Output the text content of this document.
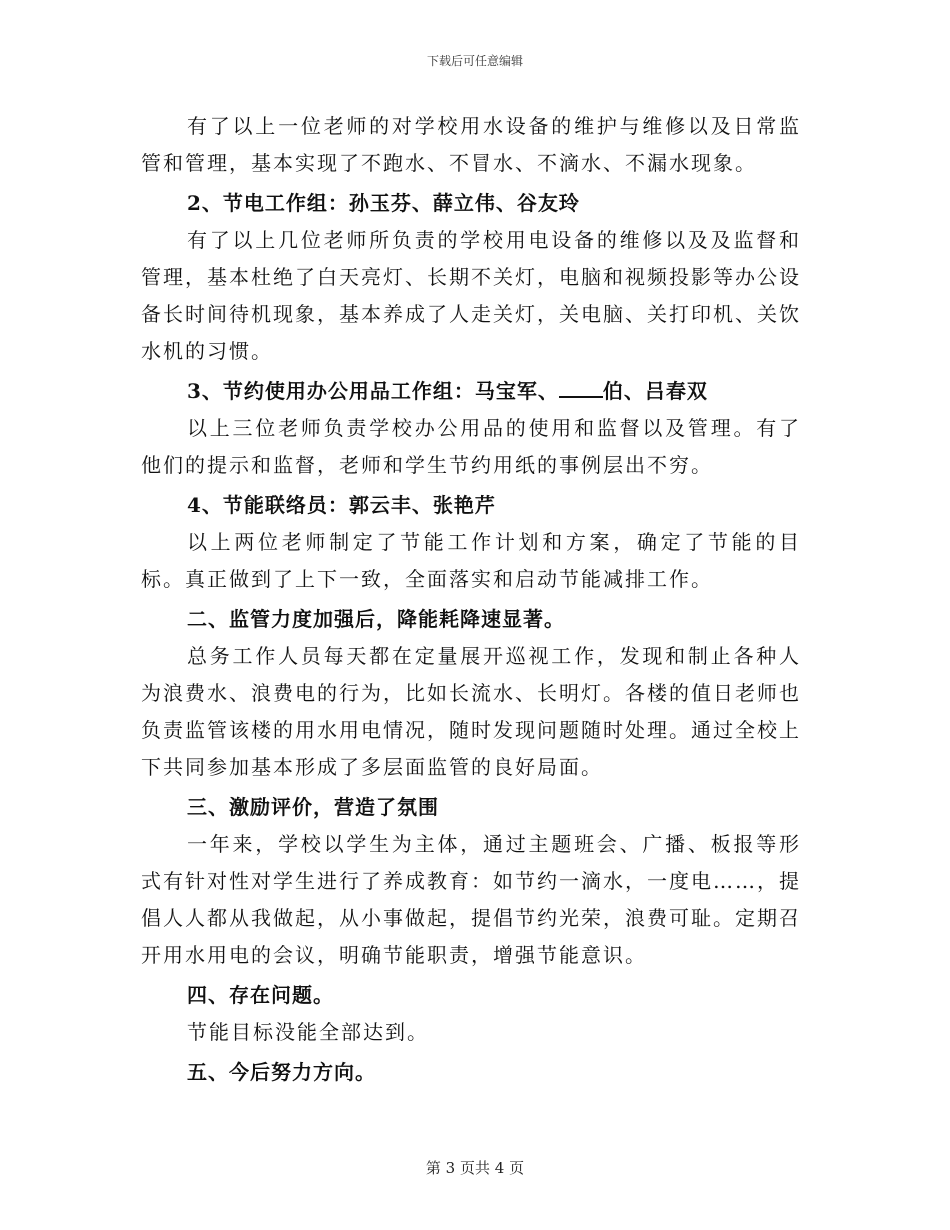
下载后可任意编辑

有了以上一位老师的对学校用水设备的维护与维修以及日常监管和管理，基本实现了不跑水、不冒水、不滴水、不漏水现象。

2、节电工作组：孙玉芬、薛立伟、谷友玲

有了以上几位老师所负责的学校用电设备的维修以及及监督和管理，基本杜绝了白天亮灯、长期不关灯，电脑和视频投影等办公设备长时间待机现象，基本养成了人走关灯，关电脑、关打印机、关饮水机的习惯。

3、节约使用办公用品工作组：马宝军、 伯、吕春双

以上三位老师负责学校办公用品的使用和监督以及管理。有了他们的提示和监督，老师和学生节约用纸的事例层出不穷。

4、节能联络员：郭云丰、张艳芹

以上两位老师制定了节能工作计划和方案，确定了节能的目标。真正做到了上下一致，全面落实和启动节能减排工作。

二、监管力度加强后，降能耗降速显著。

总务工作人员每天都在定量展开巡视工作，发现和制止各种人为浪费水、浪费电的行为，比如长流水、长明灯。各楼的值日老师也负责监管该楼的用水用电情况，随时发现问题随时处理。通过全校上下共同参加基本形成了多层面监管的良好局面。

三、激励评价，营造了氛围

一年来，学校以学生为主体，通过主题班会、广播、板报等形式有针对性对学生进行了养成教育：如节约一滴水，一度电……，提倡人人都从我做起，从小事做起，提倡节约光荣，浪费可耻。定期召开用水用电的会议，明确节能职责，增强节能意识。

四、存在问题。

节能目标没能全部达到。

五、今后努力方向。

第 3 页共 4 页
